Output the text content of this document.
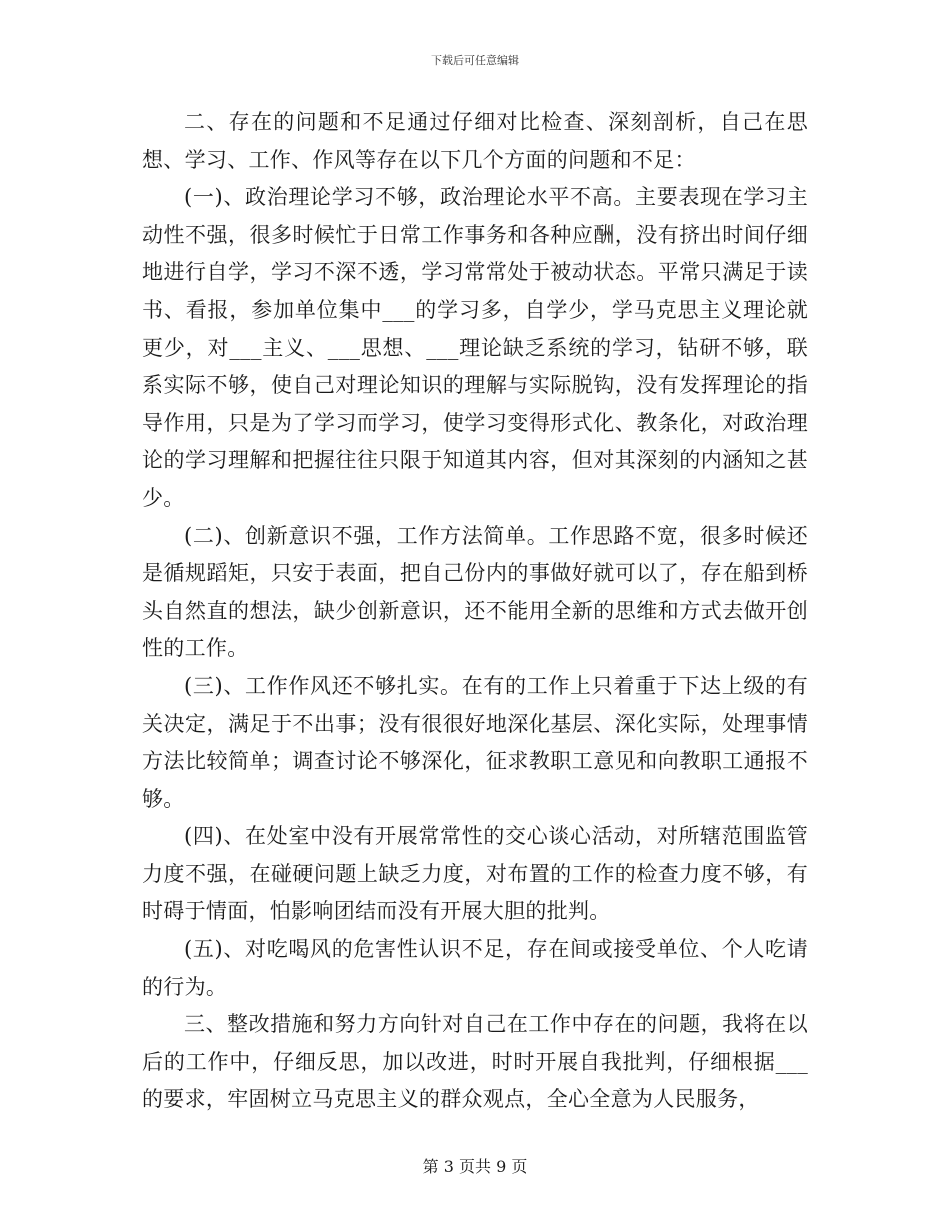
下载后可任意编辑

二、存在的问题和不足通过仔细对比检查、深刻剖析，自己在思想、学习、工作、作风等存在以下几个方面的问题和不足：

(一)、政治理论学习不够，政治理论水平不高。主要表现在学习主动性不强，很多时候忙于日常工作事务和各种应酬，没有挤出时间仔细地进行自学，学习不深不透，学习常常处于被动状态。平常只满足于读书、看报，参加单位集中___的学习多，自学少，学马克思主义理论就更少，对___主义、___思想、___理论缺乏系统的学习，钻研不够，联系实际不够，使自己对理论知识的理解与实际脱钩，没有发挥理论的指导作用，只是为了学习而学习，使学习变得形式化、教条化，对政治理论的学习理解和把握往往只限于知道其内容，但对其深刻的内涵知之甚少。

(二)、创新意识不强，工作方法简单。工作思路不宽，很多时候还是循规蹈矩，只安于表面，把自己份内的事做好就可以了，存在船到桥头自然直的想法，缺少创新意识，还不能用全新的思维和方式去做开创性的工作。

(三)、工作作风还不够扎实。在有的工作上只着重于下达上级的有关决定，满足于不出事；没有很很好地深化基层、深化实际，处理事情方法比较简单；调查讨论不够深化，征求教职工意见和向教职工通报不够。

(四)、在处室中没有开展常常性的交心谈心活动，对所辖范围监管力度不强，在碰硬问题上缺乏力度，对布置的工作的检查力度不够，有时碍于情面，怕影响团结而没有开展大胆的批判。

(五)、对吃喝风的危害性认识不足，存在间或接受单位、个人吃请的行为。

三、整改措施和努力方向针对自己在工作中存在的问题，我将在以后的工作中，仔细反思，加以改进，时时开展自我批判，仔细根据___的要求，牢固树立马克思主义的群众观点，全心全意为人民服务，

第 3 页共 9 页
